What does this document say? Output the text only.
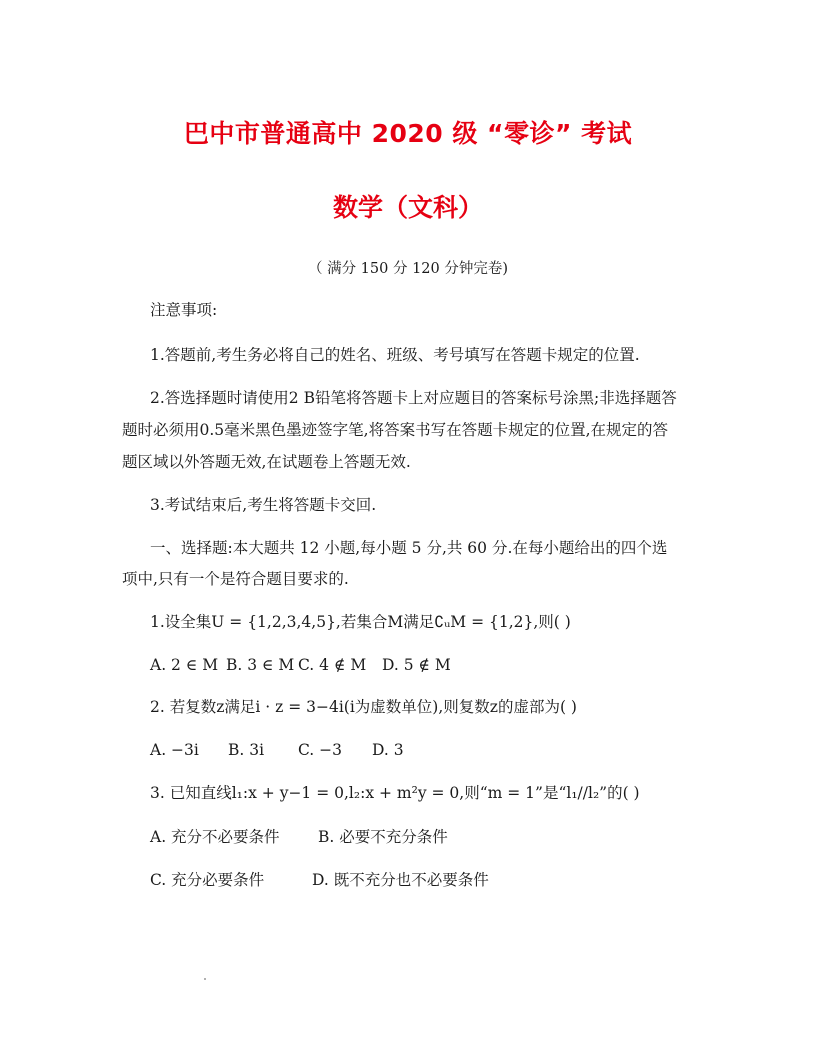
巴中市普通高中 2020 级 “零诊” 考试
数学（文科）
（ 满分 150 分 120 分钟完卷)
注意事项:
1.答题前,考生务必将自己的姓名、班级、考号填写在答题卡规定的位置.
2.答选择题时请使用2 B铅笔将答题卡上对应题目的答案标号涂黑;非选择题答
题时必须用0.5毫米黑色墨迹签字笔,将答案书写在答题卡规定的位置,在规定的答
题区域以外答题无效,在试题卷上答题无效.
3.考试结束后,考生将答题卡交回.
一、选择题:本大题共 12 小题,每小题 5 分,共 60 分.在每小题给出的四个选
项中,只有一个是符合题目要求的.
1.设全集U = {1,2,3,4,5},若集合M满足∁ᵤM = {1,2},则( )
A. 2 ∈ M B. 3 ∈ M C. 4 ∉ M D. 5 ∉ M
2. 若复数z满足i · z = 3−4i(i为虚数单位),则复数z的虚部为( )
A. −3i B. 3i C. −3 D. 3
3. 已知直线l₁:x + y−1 = 0,l₂:x + m²y = 0,则“m = 1”是“l₁//l₂”的( )
A. 充分不必要条件 B. 必要不充分条件
C. 充分必要条件	D. 既不充分也不必要条件
